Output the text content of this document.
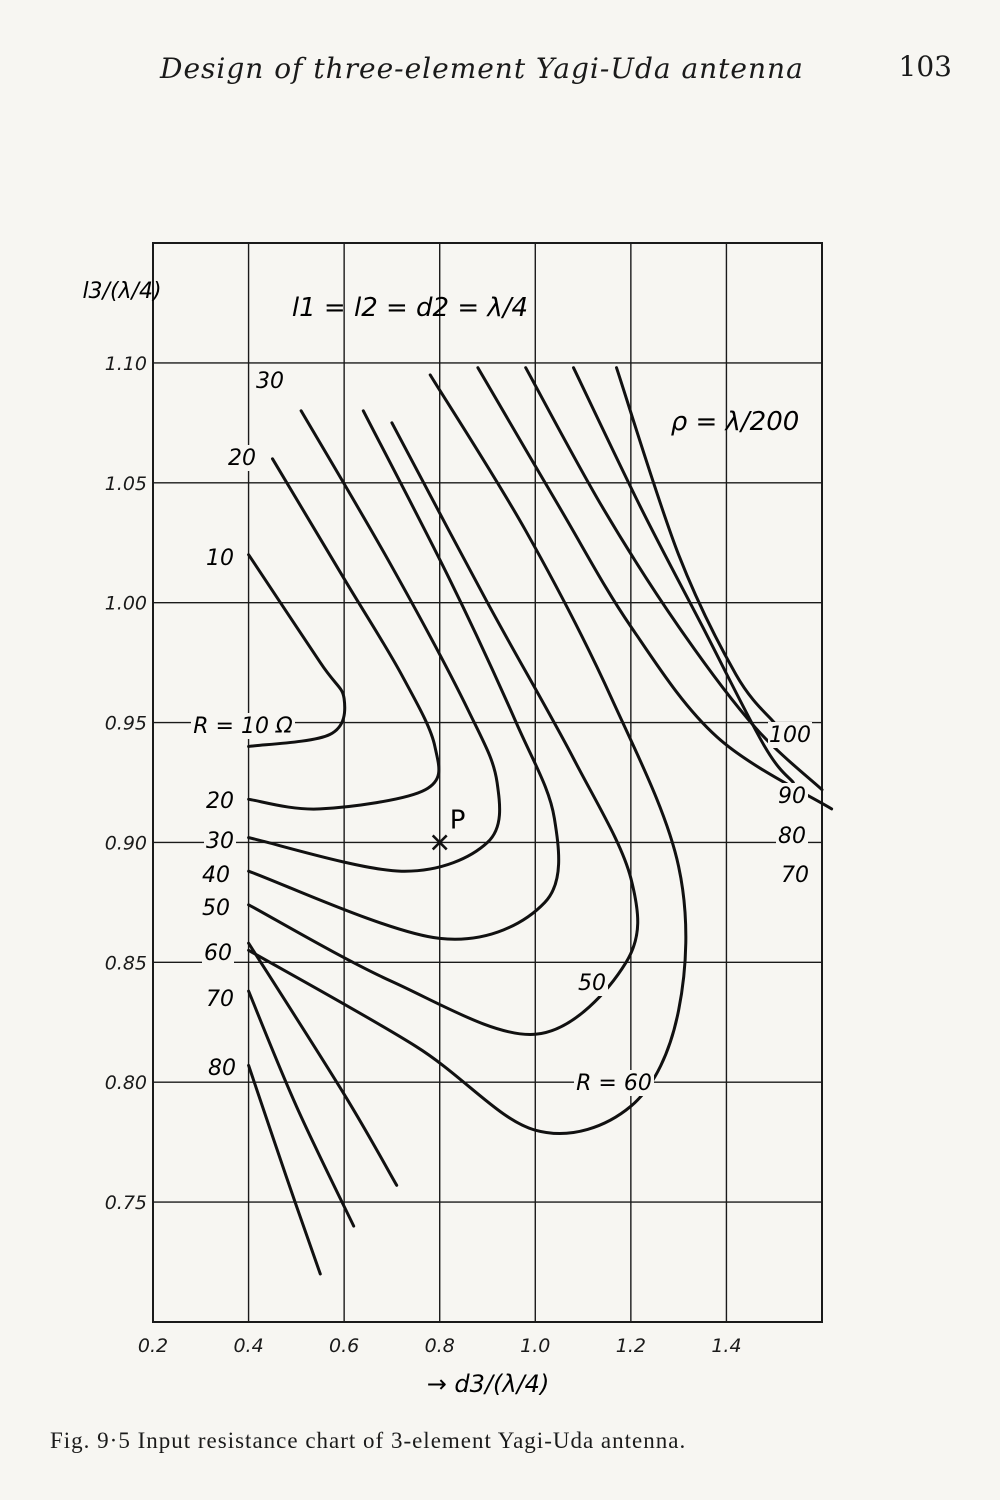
Design of three-element Yagi-Uda antenna	103
0.2	0.4	0.6	0.8	1.0	1.2	1.4
0.75
0.80
0.85
0.90
0.95
1.00
1.05
1.10
l3/(λ/4)
→ d3/(λ/4)
l1 = l2 = d2 = λ/4
ρ = λ/200
P
30
20
10
R = 10 Ω
20
30
40
50
60
70
80
100
90
80
70
50
R = 60
Fig. 9·5 Input resistance chart of 3-element Yagi-Uda antenna.
